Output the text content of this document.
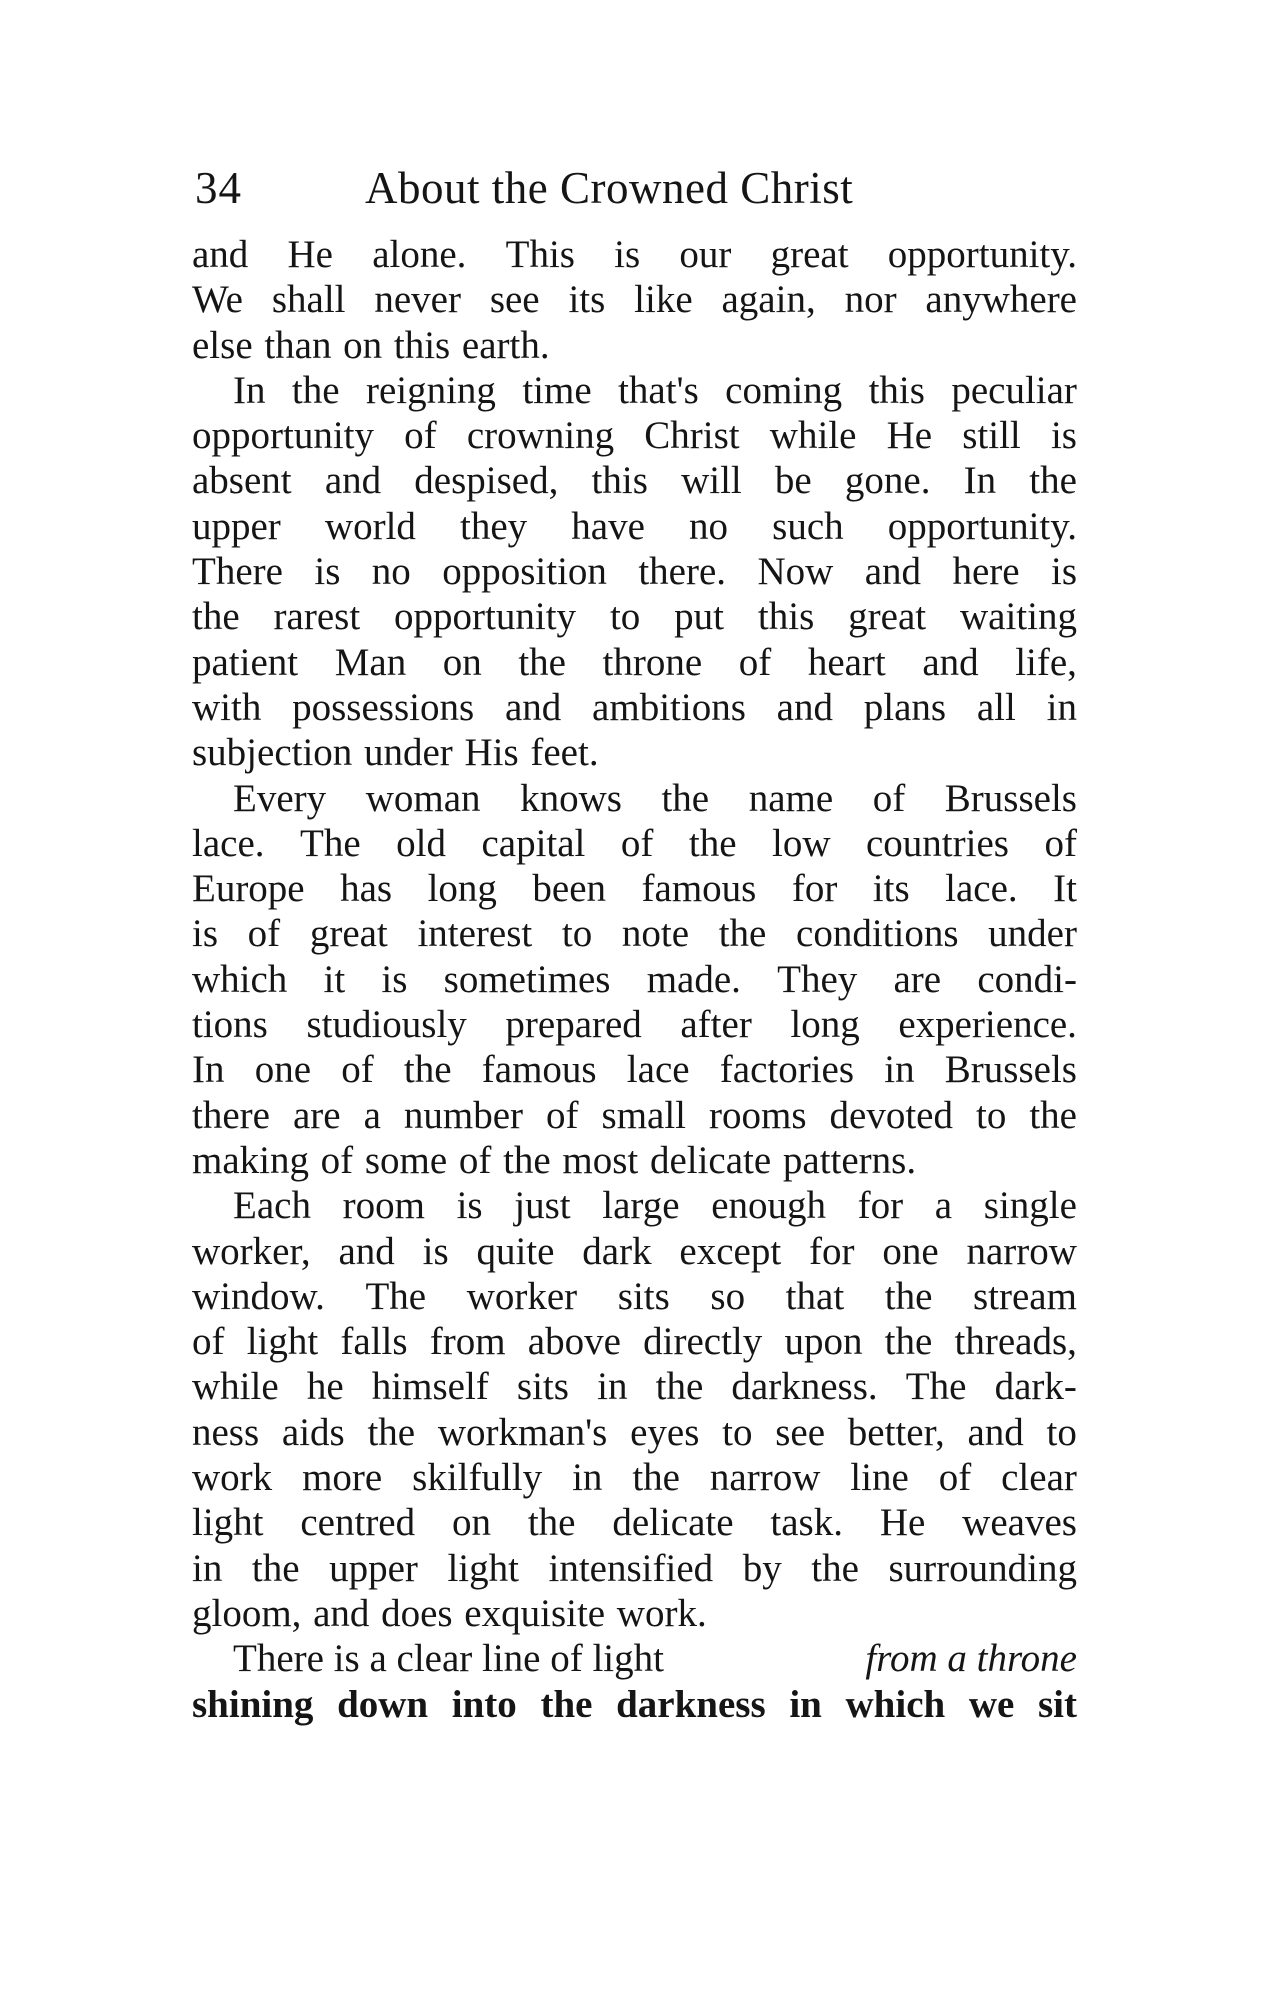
34	About the Crowned Christ
and He alone. This is our great opportunity.
We shall never see its like again, nor anywhere
else than on this earth.
In the reigning time that's coming this peculiar
opportunity of crowning Christ while He still is
absent and despised, this will be gone. In the
upper world they have no such opportunity.
There is no opposition there. Now and here is
the rarest opportunity to put this great waiting
patient Man on the throne of heart and life,
with possessions and ambitions and plans all in
subjection under His feet.
Every woman knows the name of Brussels
lace. The old capital of the low countries of
Europe has long been famous for its lace. It
is of great interest to note the conditions under
which it is sometimes made. They are condi-
tions studiously prepared after long experience.
In one of the famous lace factories in Brussels
there are a number of small rooms devoted to the
making of some of the most delicate patterns.
Each room is just large enough for a single
worker, and is quite dark except for one narrow
window. The worker sits so that the stream
of light falls from above directly upon the threads,
while he himself sits in the darkness. The dark-
ness aids the workman's eyes to see better, and to
work more skilfully in the narrow line of clear
light centred on the delicate task. He weaves
in the upper light intensified by the surrounding
gloom, and does exquisite work.
There is a clear line of light	from a throne
shining down into the darkness in which we sit
